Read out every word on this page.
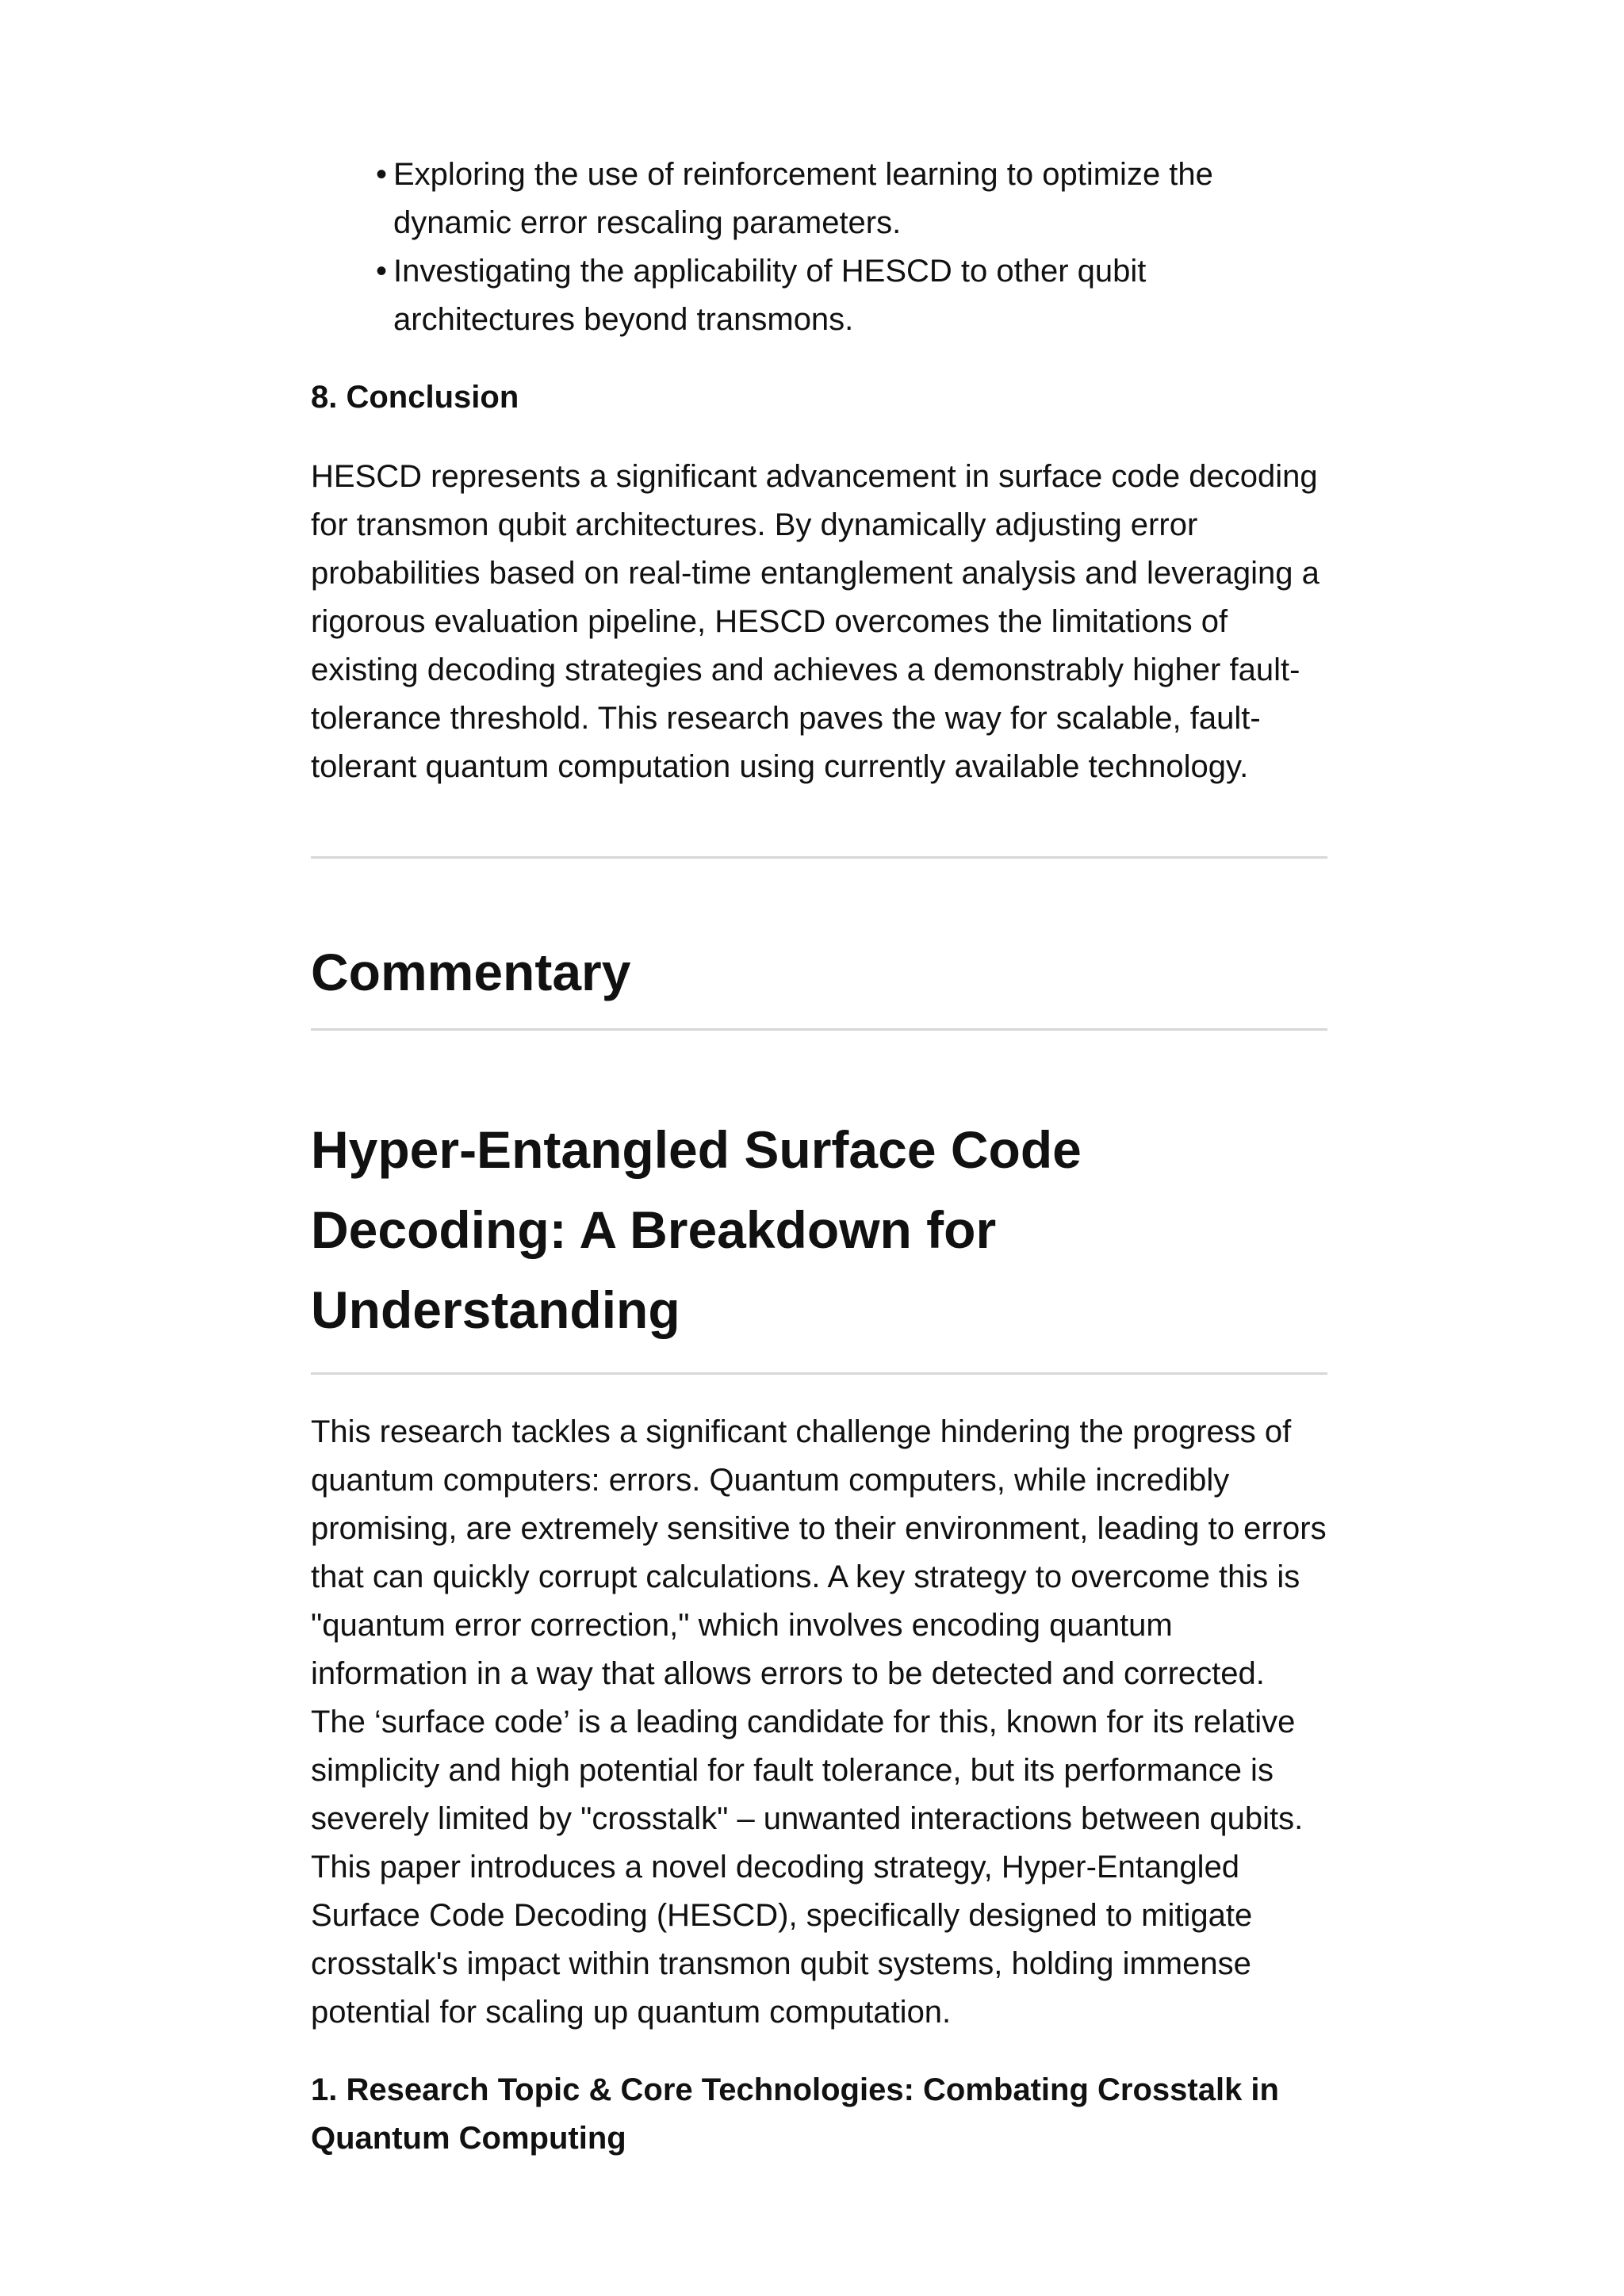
• Exploring the use of reinforcement learning to optimize the dynamic error rescaling parameters.
• Investigating the applicability of HESCD to other qubit architectures beyond transmons.
8. Conclusion

HESCD represents a significant advancement in surface code decoding for transmon qubit architectures. By dynamically adjusting error probabilities based on real-time entanglement analysis and leveraging a rigorous evaluation pipeline, HESCD overcomes the limitations of existing decoding strategies and achieves a demonstrably higher fault-tolerance threshold. This research paves the way for scalable, fault-tolerant quantum computation using currently available technology.

Commentary
Hyper-Entangled Surface Code Decoding: A Breakdown for Understanding

This research tackles a significant challenge hindering the progress of quantum computers: errors. Quantum computers, while incredibly promising, are extremely sensitive to their environment, leading to errors that can quickly corrupt calculations. A key strategy to overcome this is "quantum error correction," which involves encoding quantum information in a way that allows errors to be detected and corrected. The ‘surface code’ is a leading candidate for this, known for its relative simplicity and high potential for fault tolerance, but its performance is severely limited by "crosstalk" – unwanted interactions between qubits. This paper introduces a novel decoding strategy, Hyper-Entangled Surface Code Decoding (HESCD), specifically designed to mitigate crosstalk's impact within transmon qubit systems, holding immense potential for scaling up quantum computation.

1. Research Topic & Core Technologies: Combating Crosstalk in Quantum Computing
